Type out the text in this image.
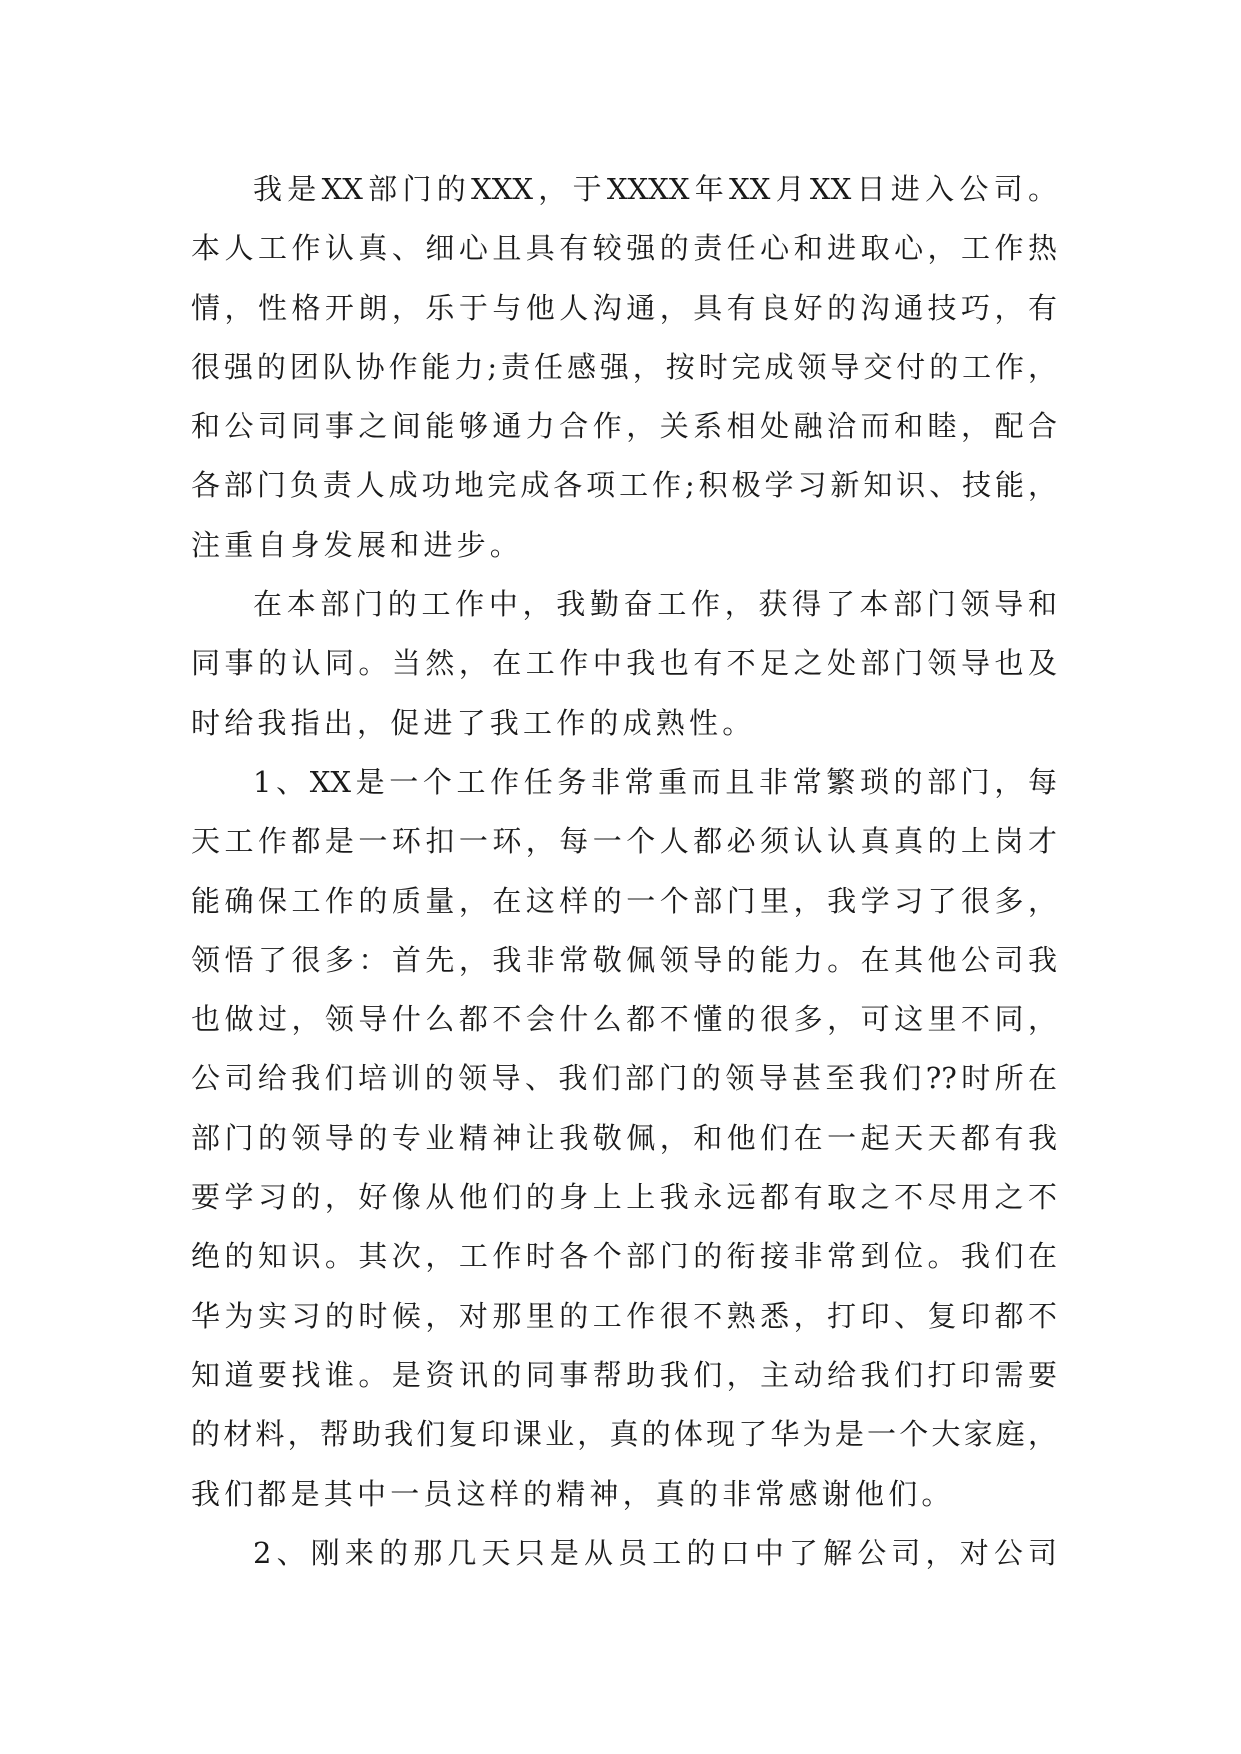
我是XX部门的XXX，于XXXX年XX月XX日进入公司。
本人工作认真、细心且具有较强的责任心和进取心，工作热
情，性格开朗，乐于与他人沟通，具有良好的沟通技巧，有
很强的团队协作能力;责任感强，按时完成领导交付的工作，
和公司同事之间能够通力合作，关系相处融洽而和睦，配合
各部门负责人成功地完成各项工作;积极学习新知识、技能，
注重自身发展和进步。
在本部门的工作中，我勤奋工作，获得了本部门领导和
同事的认同。当然，在工作中我也有不足之处部门领导也及
时给我指出，促进了我工作的成熟性。
1、XX是一个工作任务非常重而且非常繁琐的部门，每
天工作都是一环扣一环，每一个人都必须认认真真的上岗才
能确保工作的质量，在这样的一个部门里，我学习了很多，
领悟了很多：首先，我非常敬佩领导的能力。在其他公司我
也做过，领导什么都不会什么都不懂的很多，可这里不同，
公司给我们培训的领导、我们部门的领导甚至我们??时所在
部门的领导的专业精神让我敬佩，和他们在一起天天都有我
要学习的，好像从他们的身上上我永远都有取之不尽用之不
绝的知识。其次，工作时各个部门的衔接非常到位。我们在
华为实习的时候，对那里的工作很不熟悉，打印、复印都不
知道要找谁。是资讯的同事帮助我们，主动给我们打印需要
的材料，帮助我们复印课业，真的体现了华为是一个大家庭，
我们都是其中一员这样的精神，真的非常感谢他们。
2、刚来的那几天只是从员工的口中了解公司，对公司
